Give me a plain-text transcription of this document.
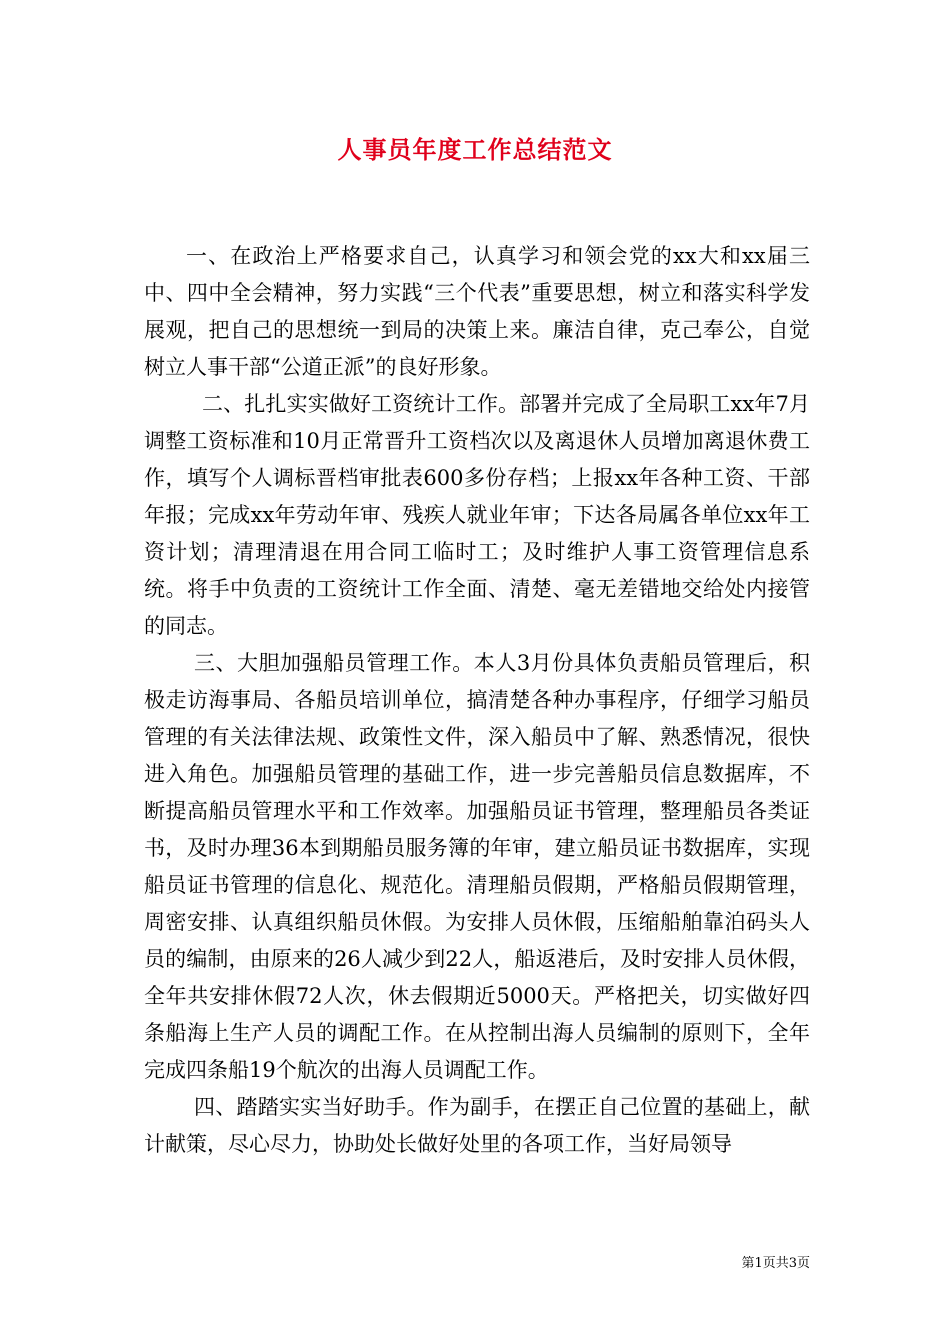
人事员年度工作总结范文

一、在政治上严格要求自己，认真学习和领会党的xx大和xx届三中、四中全会精神，努力实践“三个代表”重要思想，树立和落实科学发展观，把自己的思想统一到局的决策上来。廉洁自律，克己奉公，自觉树立人事干部“公道正派”的良好形象。

二、扎扎实实做好工资统计工作。部署并完成了全局职工xx年7月调整工资标准和10月正常晋升工资档次以及离退休人员增加离退休费工作，填写个人调标晋档审批表600多份存档；上报xx年各种工资、干部年报；完成xx年劳动年审、残疾人就业年审；下达各局属各单位xx年工资计划；清理清退在用合同工临时工；及时维护人事工资管理信息系统。将手中负责的工资统计工作全面、清楚、毫无差错地交给处内接管的同志。

三、大胆加强船员管理工作。本人3月份具体负责船员管理后，积极走访海事局、各船员培训单位，搞清楚各种办事程序，仔细学习船员管理的有关法律法规、政策性文件，深入船员中了解、熟悉情况，很快进入角色。加强船员管理的基础工作，进一步完善船员信息数据库，不断提高船员管理水平和工作效率。加强船员证书管理，整理船员各类证书，及时办理36本到期船员服务簿的年审，建立船员证书数据库，实现船员证书管理的信息化、规范化。清理船员假期，严格船员假期管理，周密安排、认真组织船员休假。为安排人员休假，压缩船舶靠泊码头人员的编制，由原来的26人减少到22人，船返港后，及时安排人员休假，全年共安排休假72人次，休去假期近5000天。严格把关，切实做好四条船海上生产人员的调配工作。在从控制出海人员编制的原则下，全年完成四条船19个航次的出海人员调配工作。

四、踏踏实实当好助手。作为副手，在摆正自己位置的基础上，献计献策，尽心尽力，协助处长做好处里的各项工作，当好局领导

第1页共3页
